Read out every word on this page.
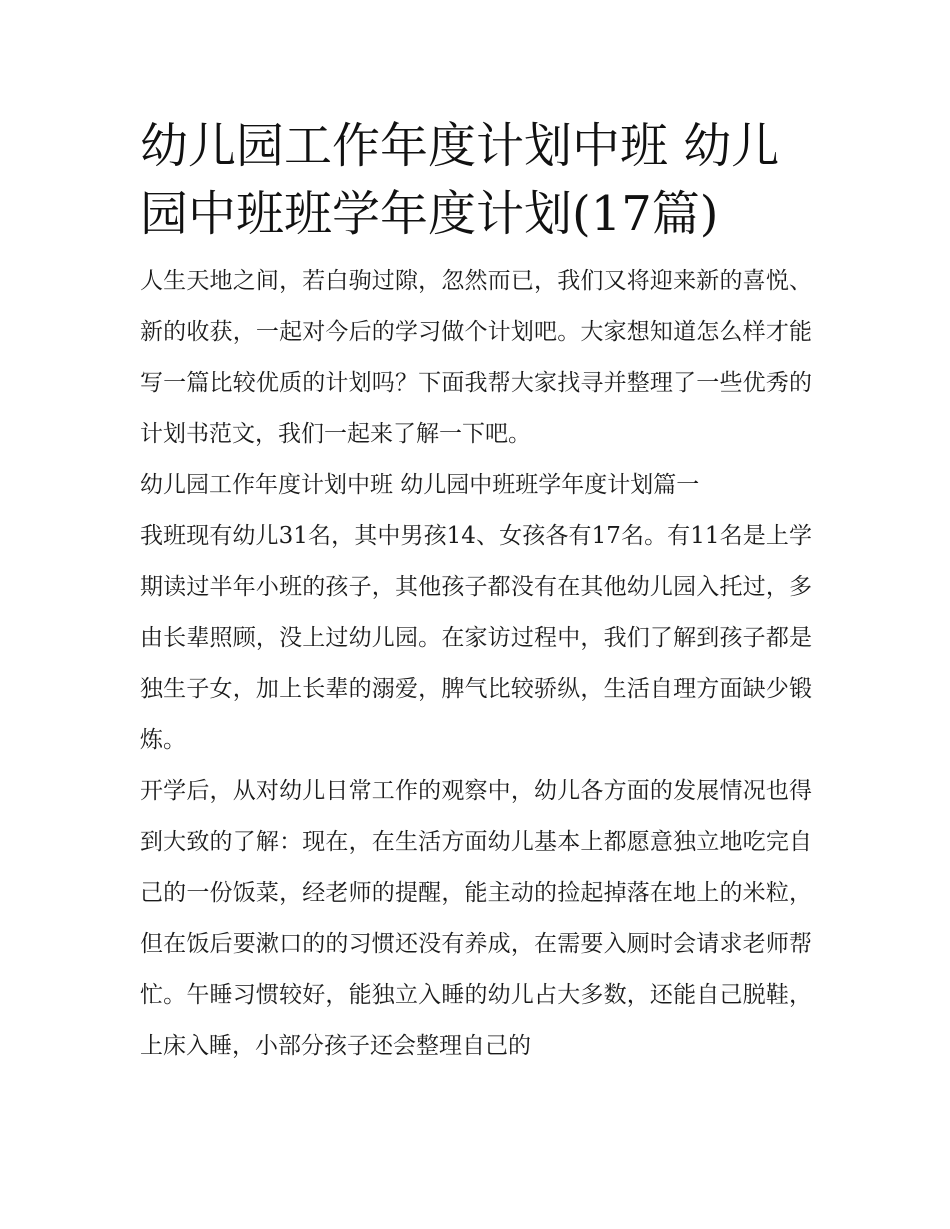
幼儿园工作年度计划中班 幼儿园中班班学年度计划(17篇)

人生天地之间，若白驹过隙，忽然而已，我们又将迎来新的喜悦、新的收获，一起对今后的学习做个计划吧。大家想知道怎么样才能写一篇比较优质的计划吗？下面我帮大家找寻并整理了一些优秀的计划书范文，我们一起来了解一下吧。

幼儿园工作年度计划中班 幼儿园中班班学年度计划篇一

我班现有幼儿31名，其中男孩14、女孩各有17名。有11名是上学期读过半年小班的孩子，其他孩子都没有在其他幼儿园入托过，多由长辈照顾，没上过幼儿园。在家访过程中，我们了解到孩子都是独生子女，加上长辈的溺爱，脾气比较骄纵，生活自理方面缺少锻炼。

开学后，从对幼儿日常工作的观察中，幼儿各方面的发展情况也得到大致的了解：现在，在生活方面幼儿基本上都愿意独立地吃完自己的一份饭菜，经老师的提醒，能主动的捡起掉落在地上的米粒，但在饭后要漱口的的习惯还没有养成，在需要入厕时会请求老师帮忙。午睡习惯较好，能独立入睡的幼儿占大多数，还能自己脱鞋，上床入睡，小部分孩子还会整理自己的
